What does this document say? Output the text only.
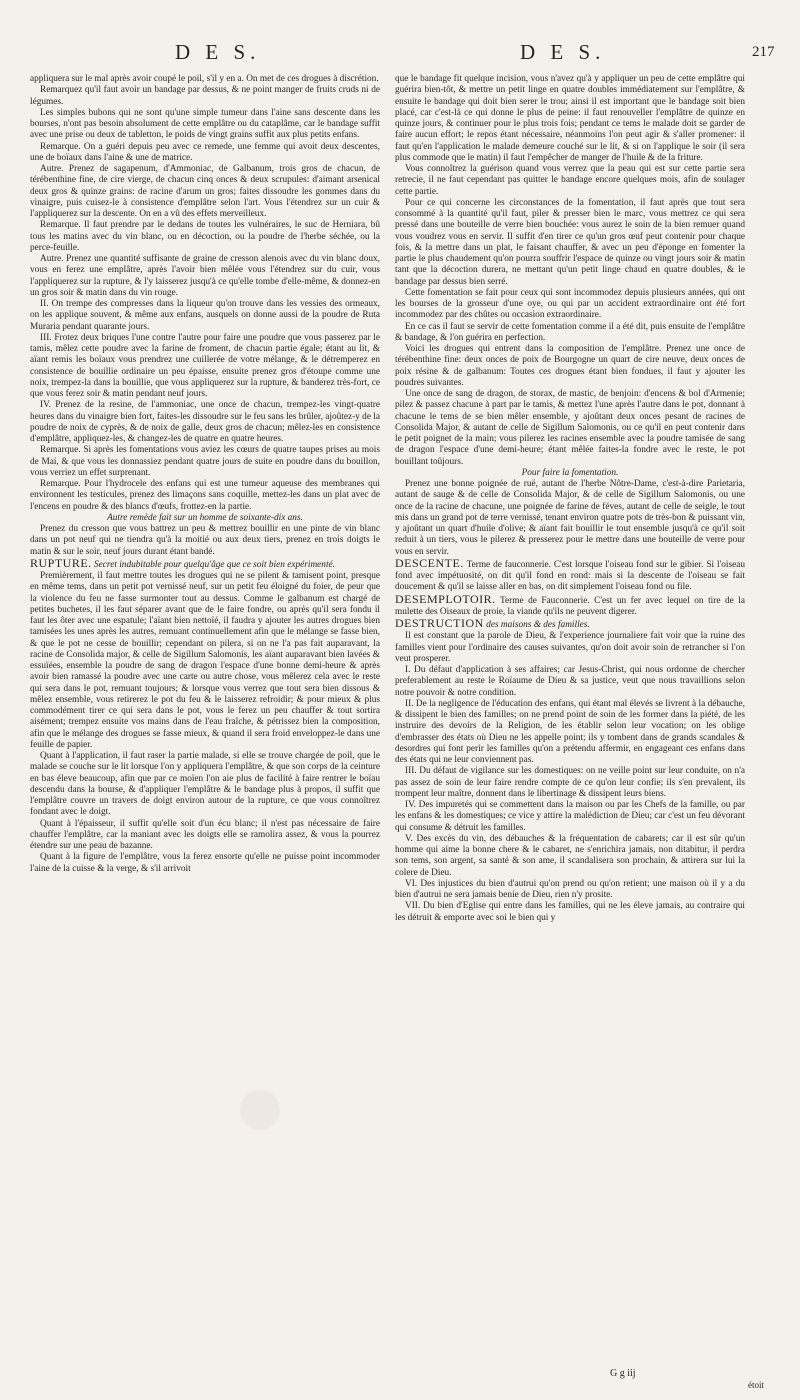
D E S.	D E S.	217

appliquera sur le mal après avoir coupé le poil, s'il y en a. On met de ces drogues à discrétion.

Remarquez qu'il faut avoir un bandage par dessus, & ne point manger de fruits cruds ni de légumes.

Les simples bubons qui ne sont qu'une simple tumeur dans l'aine sans descente dans les bourses, n'ont pas besoin absolument de cette emplâtre ou du cataplâme, car le bandage suffit avec une prise ou deux de tabletton, le poids de vingt grains suffit aux plus petits enfans.

Remarque. On a guéri depuis peu avec ce remede, une femme qui avoit deux descentes, une de boïaux dans l'aine & une de matrice.

Autre. Prenez de sagapenum, d'Ammoniac, de Galbanum, trois gros de chacun, de térébenthine fine, de cire vierge, de chacun cinq onces & deux scrupules: d'aimant arsenical deux gros & quinze grains: de racine d'arum un gros; faites dissoudre les gommes dans du vinaigre, puis cuisez-le à consistence d'emplâtre selon l'art. Vous l'étendrez sur un cuir & l'appliquerez sur la descente. On en a vû des effets merveilleux.

Remarque. Il faut prendre par le dedans de toutes les vulnéraires, le suc de Herniara, bû tous les matins avec du vin blanc, ou en décoction, ou la poudre de l'herbe séchée, ou la perce-feuille.

Autre. Prenez une quantité suffisante de graine de cresson alenois avec du vin blanc doux, vous en ferez une emplâtre, après l'avoir bien mêlée vous l'étendrez sur du cuir, vous l'appliquerez sur la rupture, & l'y laisserez jusqu'à ce qu'elle tombe d'elle-même, & donnez-en un gros soir & matin dans du vin rouge.

II. On trempe des compresses dans la liqueur qu'on trouve dans les vessies des ormeaux, on les applique souvent, & même aux enfans, ausquels on donne aussi de la poudre de Ruta Muraria pendant quarante jours.

III. Frotez deux briques l'une contre l'autre pour faire une poudre que vous passerez par le tamis, mêlez cette poudre avec la farine de froment, de chacun partie égale; étant au lit, & aïant remis les boïaux vous prendrez une cuillerée de votre mélange, & le détremperez en consistence de bouillie ordinaire un peu épaisse, ensuite prenez gros d'étoupe comme une noix, trempez-la dans la bouillie, que vous appliquerez sur la rupture, & banderez très-fort, ce que vous ferez soir & matin pendant neuf jours.

IV. Prenez de la resine, de l'ammoniac, une once de chacun, trempez-les vingt-quatre heures dans du vinaigre bien fort, faites-les dissoudre sur le feu sans les brûler, ajoûtez-y de la poudre de noix de cyprès, & de noix de galle, deux gros de chacun; mêlez-les en consistence d'emplâtre, appliquez-les, & changez-les de quatre en quatre heures.

Remarque. Si après les fomentations vous aviez les cœurs de quatre taupes prises au mois de Mai, & que vous les donnassiez pendant quatre jours de suite en poudre dans du bouillon, vous verriez un effet surprenant.

Remarque. Pour l'hydrocele des enfans qui est une tumeur aqueuse des membranes qui environnent les testicules, prenez des limaçons sans coquille, mettez-les dans un plat avec de l'encens en poudre & des blancs d'œufs, frottez-en la partie.

Autre remède fait sur un homme de soixante-dix ans.

Prenez du cresson que vous battrez un peu & mettrez bouillir en une pinte de vin blanc dans un pot neuf qui ne tiendra qu'à la moitié ou aux deux tiers, prenez en trois doigts le matin & sur le soir, neuf jours durant étant bandé.

RUPTURE. Secret indubitable pour quelqu'âge que ce soit bien expérimenté.

Premièrement, il faut mettre toutes les drogues qui ne se pilent & tamisent point, presque en même tems, dans un petit pot vernissé neuf, sur un petit feu éloigné du foier, de peur que la violence du feu ne fasse surmonter tout au dessus. Comme le galbanum est chargé de petites buchetes, il les faut séparer avant que de le faire fondre, ou après qu'il sera fondu il faut les ôter avec une espatule; l'aïant bien nettoïé, il faudra y ajouter les autres drogues bien tamisées les unes après les autres, remuant continuellement afin que le mélange se fasse bien, & que le pot ne cesse de bouillir; cependant on pilera, si on ne l'a pas fait auparavant, la racine de Consolida major, & celle de Sigillum Salomonis, les aïant auparavant bien lavées & essuïées, ensemble la poudre de sang de dragon l'espace d'une bonne demi-heure & après avoir bien ramassé la poudre avec une carte ou autre chose, vous mêlerez cela avec le reste qui sera dans le pot, remuant toujours; & lorsque vous verrez que tout sera bien dissous & mêlez ensemble, vous retirerez le pot du feu & le laisserez refroidir; & pour mieux & plus commodément tirer ce qui sera dans le pot, vous le ferez un peu chauffer & tout sortira aisément; trempez ensuite vos mains dans de l'eau fraîche, & pétrissez bien la composition, afin que le mélange des drogues se fasse mieux, & quand il sera froid enveloppez-le dans une feuille de papier.

Quant à l'application, il faut raser la partie malade, si elle se trouve chargée de poil, que le malade se couche sur le lit lorsque l'on y appliquera l'emplâtre, & que son corps de la ceinture en bas éleve beaucoup, afin que par ce moïen l'on aie plus de facilité à faire rentrer le boïau descendu dans la bourse, & d'appliquer l'emplâtre & le bandage plus à propos, il suffit que l'emplâtre couvre un travers de doigt environ autour de la rupture, ce que vous connoîtrez fondant avec le doigt.

Quant à l'épaisseur, il suffit qu'elle soit d'un écu blanc; il n'est pas nécessaire de faire chauffer l'emplâtre, car la maniant avec les doigts elle se ramolira assez, & vous la pourrez étendre sur une peau de bazanne.

Quant à la figure de l'emplâtre, vous la ferez ensorte qu'elle ne puisse point incommoder l'aine de la cuisse & la verge, & s'il arrivoit

que le bandage fit quelque incision, vous n'avez qu'à y appliquer un peu de cette emplâtre qui guérira bien-tôt, & mettre un petit linge en quatre doubles immédiatement sur l'emplâtre, & ensuite le bandage qui doit bien serer le trou; ainsi il est important que le bandage soit bien placé, car c'est-là ce qui donne le plus de peine: il faut renouveller l'emplâtre de quinze en quinze jours, & continuer pour le plus trois fois; pendant ce tems le malade doit se garder de faire aucun effort; le repos étant nécessaire, néanmoins l'on peut agir & s'aller promener: il faut qu'en l'application le malade demeure couché sur le lit, & si on l'applique le soir (il sera plus commode que le matin) il faut l'empêcher de manger de l'huile & de la friture.

Vous connoîtrez la guérison quand vous verrez que la peau qui est sur cette partie sera retrecie, il ne faut cependant pas quitter le bandage encore quelques mois, afin de soulager cette partie.

Pour ce qui concerne les circonstances de la fomentation, il faut après que tout sera consommé à la quantité qu'il faut, piler & presser bien le marc, vous mettrez ce qui sera pressé dans une bouteille de verre bien bouchée: vous aurez le soin de la bien remuer quand vous voudrez vous en servir. Il suffit d'en tirer ce qu'un gros œuf peut contenir pour chaque fois, & la mettre dans un plat, le faisant chauffer, & avec un peu d'éponge en fomenter la partie le plus chaudement qu'on pourra souffrir l'espace de quinze ou vingt jours soir & matin tant que la décoction durera, ne mettant qu'un petit linge chaud en quatre doubles, & le bandage par dessus bien serré.

Cette fomentation se fait pour ceux qui sont incommodez depuis plusieurs années, qui ont les bourses de la grosseur d'une oye, ou qui par un accident extraordinaire ont été fort incommodez par des chûtes ou occasion extraordinaire.

En ce cas il faut se servir de cette fomentation comme il a été dit, puis ensuite de l'emplâtre & bandage, & l'on guérira en perfection.

Voici les drogues qui entrent dans la composition de l'emplâtre. Prenez une once de térébenthine fine: deux onces de poix de Bourgogne un quart de cire neuve, deux onces de poix résine & de galbanum: Toutes ces drogues étant bien fondues, il faut y ajouter les poudres suivantes.

Une once de sang de dragon, de storax, de mastic, de benjoin: d'encens & bol d'Armenie; pilez & passez chacune à part par le tamis, & mettez l'une après l'autre dans le pot, donnant à chacune le tems de se bien mêler ensemble, y ajoûtant deux onces pesant de racines de Consolida Major, & autant de celle de Sigillum Salomonis, ou ce qu'il en peut contenir dans le petit poignet de la main; vous pilerez les racines ensemble avec la poudre tamisée de sang de dragon l'espace d'une demi-heure; étant mêlée faites-la fondre avec le reste, le pot bouillant toûjours.

Pour faire la fomentation.

Prenez une bonne poignée de ruë, autant de l'herbe Nôtre-Dame, c'est-à-dire Parietaria, autant de sauge & de celle de Consolida Major, & de celle de Sigillum Salomonis, ou une once de la racine de chacune, une poignée de farine de féves, autant de celle de seigle, le tout mis dans un grand pot de terre vernissé, tenant environ quatre pots de très-bon & puissant vin, y ajoûtant un quart d'huile d'olive; & aïant fait bouillir le tout ensemble jusqu'à ce qu'il soit reduit à un tiers, vous le pilerez & presserez pour le mettre dans une bouteille de verre pour vous en servir.

DESCENTE. Terme de fauconnerie. C'est lorsque l'oiseau fond sur le gibier. Si l'oiseau fond avec impétuosité, on dit qu'il fond en rond: mais si la descente de l'oiseau se fait doucement & qu'il se laisse aller en bas, on dit simplement l'oiseau fond ou file.

DESEMPLOTOIR. Terme de Fauconnerie. C'est un fer avec lequel on tire de la mulette des Oiseaux de proie, la viande qu'ils ne peuvent digerer.

DESTRUCTION des maisons & des familles.

Il est constant que la parole de Dieu, & l'experience journaliere fait voir que la ruine des familles vient pour l'ordinaire des causes suivantes, qu'on doit avoir soin de retrancher si l'on veut prosperer.

I. Du défaut d'application à ses affaires; car Jesus-Christ, qui nous ordonne de chercher preferablement au reste le Roïaume de Dieu & sa justice, veut que nous travaillions selon notre pouvoir & notre condition.

II. De la negligence de l'éducation des enfans, qui étant mal élevés se livrent à la débauche, & dissipent le bien des familles; on ne prend point de soin de les former dans la piété, de les instruire des devoirs de la Religion, de les établir selon leur vocation; on les oblige d'embrasser des états où Dieu ne les appelle point; ils y tombent dans de grands scandales & desordres qui font perir les familles qu'on a prétendu affermir, en engageant ces enfans dans des états qui ne leur conviennent pas.

III. Du défaut de vigilance sur les domestiques: on ne veille point sur leur conduite, on n'a pas assez de soin de leur faire rendre compte de ce qu'on leur confie; ils s'en prevalent, ils trompent leur maître, donnent dans le libertinage & dissipent leurs biens.

IV. Des impuretés qui se commettent dans la maison ou par les Chefs de la famille, ou par les enfans & les domestiques; ce vice y attire la malédiction de Dieu; car c'est un feu dévorant qui consume & détruit les familles.

V. Des excès du vin, des débauches & la fréquentation de cabarets; car il est sûr qu'un homme qui aime la bonne chere & le cabaret, ne s'enrichira jamais, non ditabitur, il perdra son tems, son argent, sa santé & son ame, il scandalisera son prochain, & attirera sur lui la colere de Dieu.

VI. Des injustices du bien d'autrui qu'on prend ou qu'on retient; une maison où il y a du bien d'autrui ne sera jamais benie de Dieu, rien n'y prosite.

VII. Du bien d'Eglise qui entre dans les familles, qui ne les éleve jamais, au contraire qui les détruit & emporte avec soi le bien qui y

G g iij
étoit
